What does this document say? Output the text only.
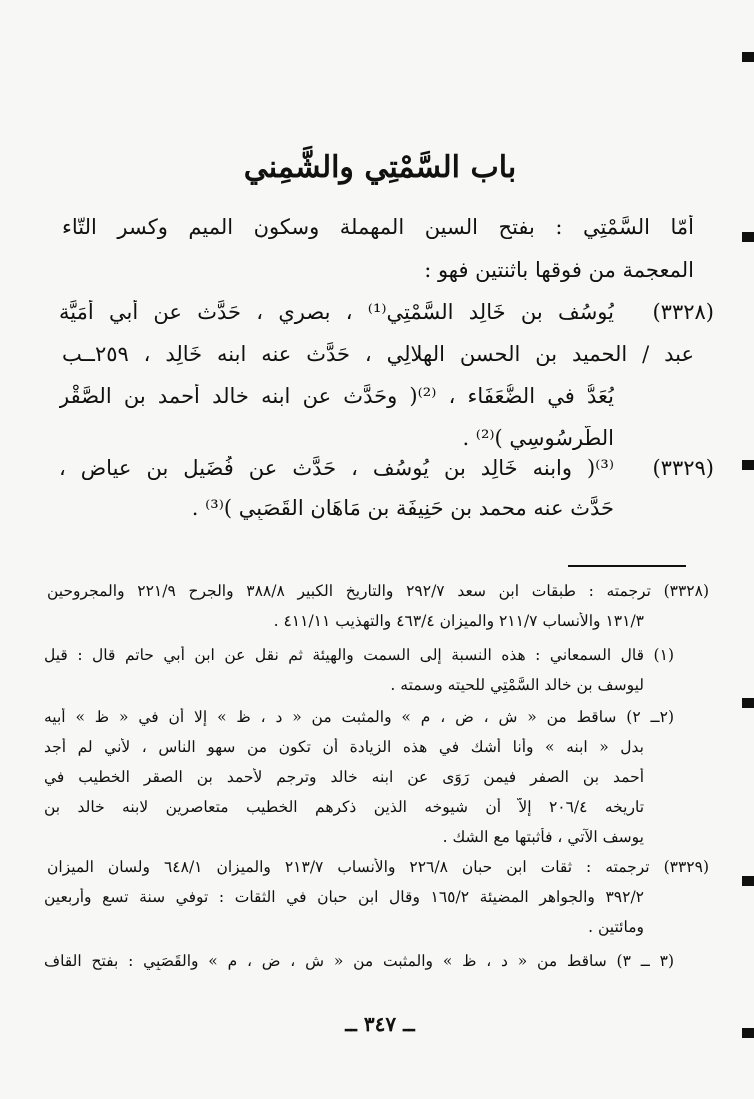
باب السَّمْتِي والشَّمِني
أمّا السَّمْتِي : بفتح السين المهملة وسكون الميم وكسر التّاء
المعجمة من فوقها باثنتين فهو :
(٣٣٢٨)
يُوسُف بن خَالِد السَّمْتِي⁽¹⁾ ، بصري ، حَدَّث عن أبي أُمَيَّة
عبد / الحميد بن الحسن الهِلالِي ، حَدَّث عنه ابنه خَالِد ، ٢٥٩ــب
يُعَدُّ في الضُّعَفَاء ، ⁽²⁾( وحَدَّث عن ابنه خالد أحمد بن الصَّقْر
الطَّرسُوسِي )⁽²⁾ .
(٣٣٢٩)
⁽³⁾( وابنه خَالِد بن يُوسُف ، حَدَّث عن فُضَيل بن عياض ،
حَدَّث عنه محمد بن حَنِيفَة بن مَاهَان القَصَبِي )⁽³⁾ .
(٣٣٢٨) ترجمته : طبقات ابن سعد ٢٩٢/٧ والتاريخ الكبير ٣٨٨/٨ والجرح ٢٢١/٩ والمجروحين
١٣١/٣ والأنساب ٢١١/٧ والميزان ٤٦٣/٤ والتهذيب ٤١١/١١ .
(١) قال السمعاني : هذه النسبة إلى السمت والهيئة ثم نقل عن ابن أبي حاتم قال : قيل
ليوسف بن خالد السَّمْتِي للحيته وسمته .
(٢ــ ٢) ساقط من « ش ، ض ، م » والمثبت من « د ، ظ » إلا أن في « ظ » أبيه
بدل « ابنه » وأنا أشك في هذه الزيادة أن تكون من سهو الناس ، لأني لم أجد
أحمد بن الصفر فيمن رَوَى عن ابنه خالد وترجم لأحمد بن الصقر الخطيب في
تاريخه ٢٠٦/٤ إلاّ أن شيوخه الذين ذكرهم الخطيب متعاصرين لابنه خالد بن
يوسف الآتي ، فأثبتها مع الشك .
(٣٣٢٩) ترجمته : ثقات ابن حبان ٢٢٦/٨ والأنساب ٢١٣/٧ والميزان ٦٤٨/١ ولسان الميزان
٣٩٢/٢ والجواهر المضيئة ١٦٥/٢ وقال ابن حبان في الثقات : توفي سنة تسع وأربعين
ومائتين .
(٣ ــ ٣) ساقط من « د ، ظ » والمثبت من « ش ، ض ، م » والقَصَبِي : بفتح القاف
ــ ٣٤٧ ــ
